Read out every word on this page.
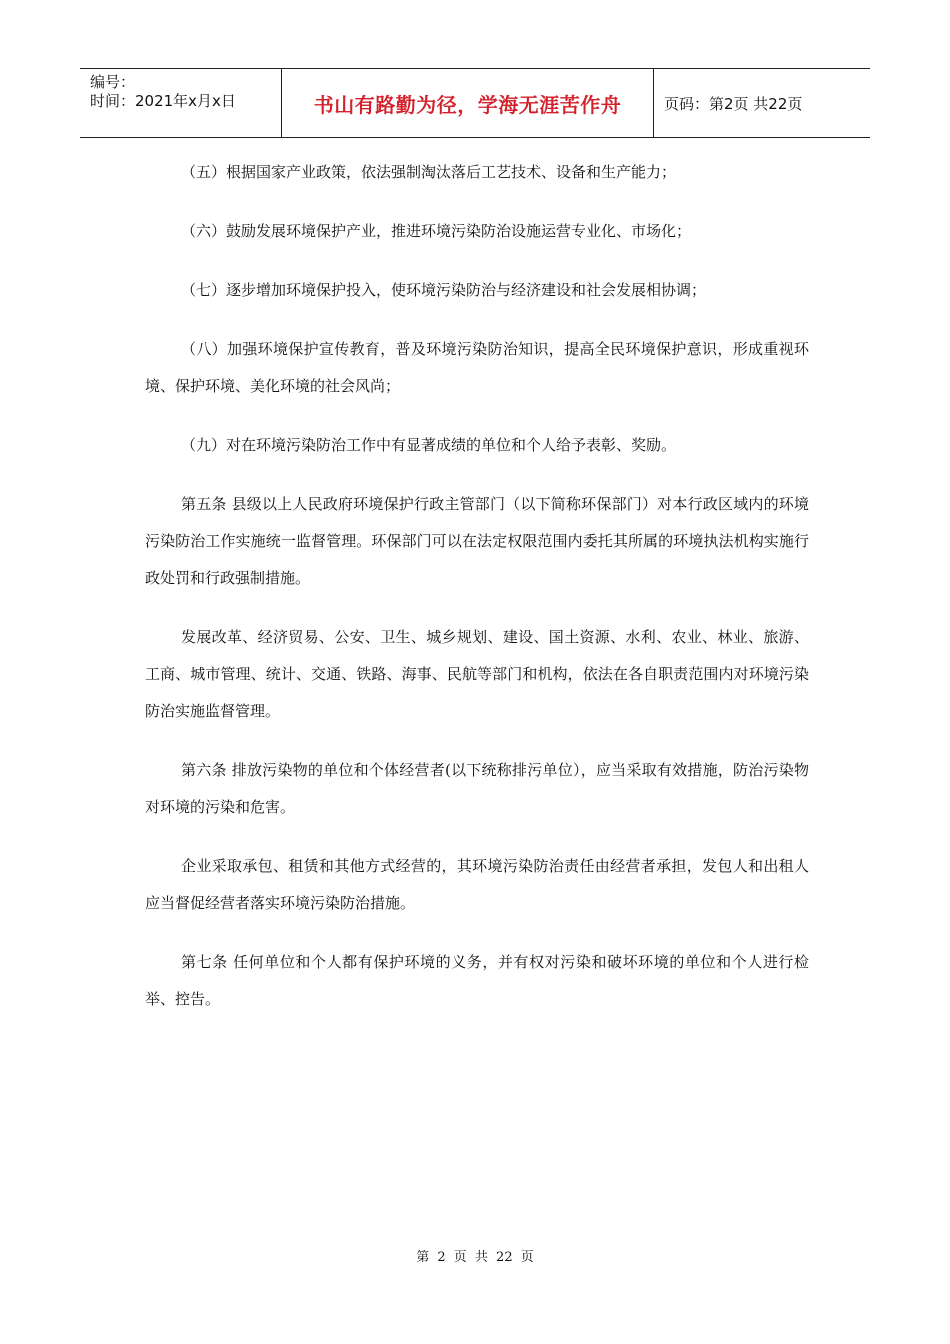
编号：
时间：2021年x月x日	书山有路勤为径，学海无涯苦作舟	页码：第2页 共22页

（五）根据国家产业政策，依法强制淘汰落后工艺技术、设备和生产能力；

（六）鼓励发展环境保护产业，推进环境污染防治设施运营专业化、市场化；

（七）逐步增加环境保护投入，使环境污染防治与经济建设和社会发展相协调；

（八）加强环境保护宣传教育，普及环境污染防治知识，提高全民环境保护意识，形成重视环境、保护环境、美化环境的社会风尚；

（九）对在环境污染防治工作中有显著成绩的单位和个人给予表彰、奖励。

第五条 县级以上人民政府环境保护行政主管部门（以下简称环保部门）对本行政区域内的环境污染防治工作实施统一监督管理。环保部门可以在法定权限范围内委托其所属的环境执法机构实施行政处罚和行政强制措施。

发展改革、经济贸易、公安、卫生、城乡规划、建设、国土资源、水利、农业、林业、旅游、工商、城市管理、统计、交通、铁路、海事、民航等部门和机构，依法在各自职责范围内对环境污染防治实施监督管理。

第六条 排放污染物的单位和个体经营者(以下统称排污单位），应当采取有效措施，防治污染物对环境的污染和危害。

企业采取承包、租赁和其他方式经营的，其环境污染防治责任由经营者承担，发包人和出租人应当督促经营者落实环境污染防治措施。

第七条 任何单位和个人都有保护环境的义务，并有权对污染和破坏环境的单位和个人进行检举、控告。

第 2 页 共 22 页
